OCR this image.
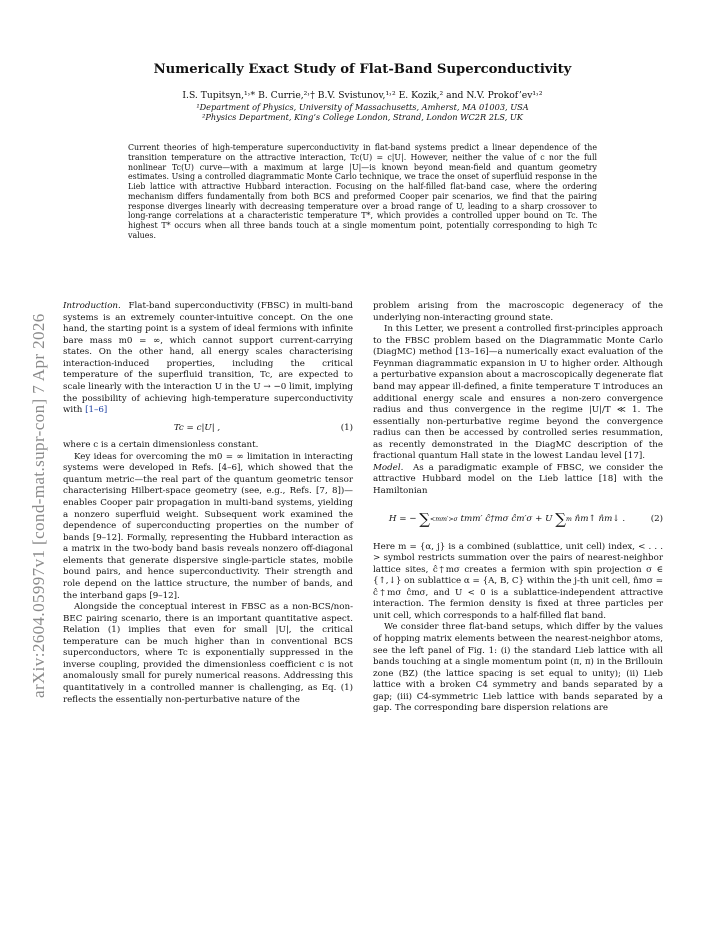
arXiv:2604.05997v1 [cond-mat.supr-con] 7 Apr 2026
Numerically Exact Study of Flat-Band Superconductivity
I.S. Tupitsyn,¹˒* B. Currie,²˒† B.V. Svistunov,¹˒² E. Kozik,² and N.V. Prokof’ev¹˒²
¹Department of Physics, University of Massachusetts, Amherst, MA 01003, USA
²Physics Department, King’s College London, Strand, London WC2R 2LS, UK
Current theories of high-temperature superconductivity in flat-band systems predict a linear dependence of the transition temperature on the attractive interaction, Tc(U) = c|U|. However, neither the value of c nor the full nonlinear Tc(U) curve—with a maximum at large |U|—is known beyond mean-field and quantum geometry estimates. Using a controlled diagrammatic Monte Carlo technique, we trace the onset of superfluid response in the Lieb lattice with attractive Hubbard interaction. Focusing on the half-filled flat-band case, where the ordering mechanism differs fundamentally from both BCS and preformed Cooper pair scenarios, we find that the pairing response diverges linearly with decreasing temperature over a broad range of U, leading to a sharp crossover to long-range correlations at a characteristic temperature T*, which provides a controlled upper bound on Tc. The highest T* occurs when all three bands touch at a single momentum point, potentially corresponding to high Tc values.

Introduction. Flat-band superconductivity (FBSC) in multi-band systems is an extremely counter-intuitive concept. On the one hand, the starting point is a system of ideal fermions with infinite bare mass m0 = ∞, which cannot support current-carrying states. On the other hand, all energy scales characterising interaction-induced properties, including the critical temperature of the superfluid transition, Tc, are expected to scale linearly with the interaction U in the U → −0 limit, implying the possibility of achieving high-temperature superconductivity with [1–6]

Tc = c|U| ,	(1)

where c is a certain dimensionless constant.

Key ideas for overcoming the m0 = ∞ limitation in interacting systems were developed in Refs. [4–6], which showed that the quantum metric—the real part of the quantum geometric tensor characterising Hilbert-space geometry (see, e.g., Refs. [7, 8])—enables Cooper pair propagation in multi-band systems, yielding a nonzero superfluid weight. Subsequent work examined the dependence of superconducting properties on the number of bands [9–12]. Formally, representing the Hubbard interaction as a matrix in the two-body band basis reveals nonzero off-diagonal elements that generate dispersive single-particle states, mobile bound pairs, and hence superconductivity. Their strength and role depend on the lattice structure, the number of bands, and the interband gaps [9–12].

Alongside the conceptual interest in FBSC as a non-BCS/non-BEC pairing scenario, there is an important quantitative aspect. Relation (1) implies that even for small |U|, the critical temperature can be much higher than in conventional BCS superconductors, where Tc is exponentially suppressed in the inverse coupling, provided the dimensionless coefficient c is not anomalously small for purely numerical reasons. Addressing this quantitatively in a controlled manner is challenging, as Eq. (1) reflects the essentially non-perturbative nature of the

problem arising from the macroscopic degeneracy of the underlying non-interacting ground state.

In this Letter, we present a controlled first-principles approach to the FBSC problem based on the Diagrammatic Monte Carlo (DiagMC) method [13–16]—a numerically exact evaluation of the Feynman diagrammatic expansion in U to higher order. Although a perturbative expansion about a macroscopically degenerate flat band may appear ill-defined, a finite temperature T introduces an additional energy scale and ensures a non-zero convergence radius and thus convergence in the regime |U|/T ≪ 1. The essentially non-perturbative regime beyond the convergence radius can then be accessed by controlled series resummation, as recently demonstrated in the DiagMC description of the fractional quantum Hall state in the lowest Landau level [17].

Model. As a paradigmatic example of FBSC, we consider the attractive Hubbard model on the Lieb lattice [18] with the Hamiltonian

H = − ∑<mm′>σ tmm′ ĉ†mσ ĉm′σ + U ∑m n̂m↑ n̂m↓ .	(2)

Here m = {α, j} is a combined (sublattice, unit cell) index, < . . . > symbol restricts summation over the pairs of nearest-neighbor lattice sites, ĉ†mσ creates a fermion with spin projection σ ∈ {↑,↓} on sublattice α = {A, B, C} within the j-th unit cell, n̂mσ = ĉ†mσ ĉmσ, and U < 0 is a sublattice-independent attractive interaction. The fermion density is fixed at three particles per unit cell, which corresponds to a half-filled flat band.

We consider three flat-band setups, which differ by the values of hopping matrix elements between the nearest-neighbor atoms, see the left panel of Fig. 1: (i) the standard Lieb lattice with all bands touching at a single momentum point (π, π) in the Brillouin zone (BZ) (the lattice spacing is set equal to unity); (ii) Lieb lattice with a broken C4 symmetry and bands separated by a gap; (iii) C4-symmetric Lieb lattice with bands separated by a gap. The corresponding bare dispersion relations are
